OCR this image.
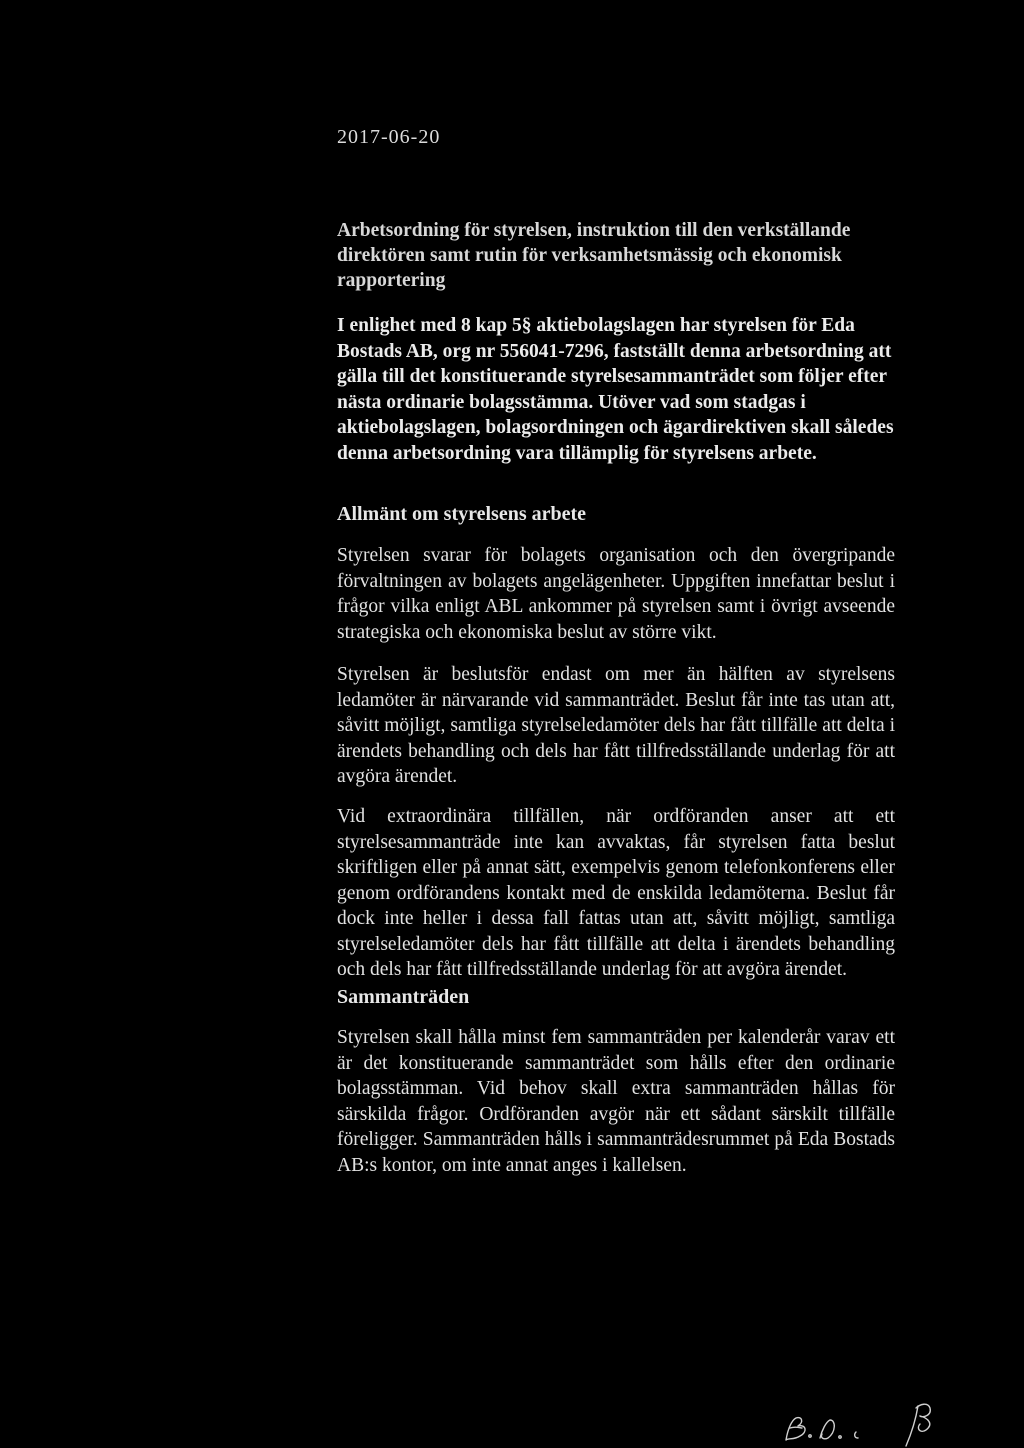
2017-06-20
Arbetsordning för styrelsen, instruktion till den verkställande direktören samt rutin för verksamhetsmässig och ekonomisk rapportering

I enlighet med 8 kap 5§ aktiebolagslagen har styrelsen för Eda Bostads AB, org nr 556041-7296, fastställt denna arbetsordning att gälla till det konstituerande styrelsesammanträdet som följer efter nästa ordinarie bolagsstämma. Utöver vad som stadgas i aktiebolagslagen, bolagsordningen och ägardirektiven skall således denna arbetsordning vara tillämplig för styrelsens arbete.

Allmänt om styrelsens arbete

Styrelsen svarar för bolagets organisation och den övergripande förvaltningen av bolagets angelägenheter. Uppgiften innefattar beslut i frågor vilka enligt ABL ankommer på styrelsen samt i övrigt avseende strategiska och ekonomiska beslut av större vikt.

Styrelsen är beslutsför endast om mer än hälften av styrelsens ledamöter är närvarande vid sammanträdet. Beslut får inte tas utan att, såvitt möjligt, samtliga styrelseledamöter dels har fått tillfälle att delta i ärendets behandling och dels har fått tillfredsställande underlag för att avgöra ärendet.

Vid extraordinära tillfällen, när ordföranden anser att ett styrelsesammanträde inte kan avvaktas, får styrelsen fatta beslut skriftligen eller på annat sätt, exempelvis genom telefonkonferens eller genom ordförandens kontakt med de enskilda ledamöterna. Beslut får dock inte heller i dessa fall fattas utan att, såvitt möjligt, samtliga styrelseledamöter dels har fått tillfälle att delta i ärendets behandling och dels har fått tillfredsställande underlag för att avgöra ärendet.

Sammanträden

Styrelsen skall hålla minst fem sammanträden per kalenderår varav ett är det konstituerande sammanträdet som hålls efter den ordinarie bolagsstämman. Vid behov skall extra sammanträden hållas för särskilda frågor. Ordföranden avgör när ett sådant särskilt tillfälle föreligger. Sammanträden hålls i sammanträdesrummet på Eda Bostads AB:s kontor, om inte annat anges i kallelsen.
